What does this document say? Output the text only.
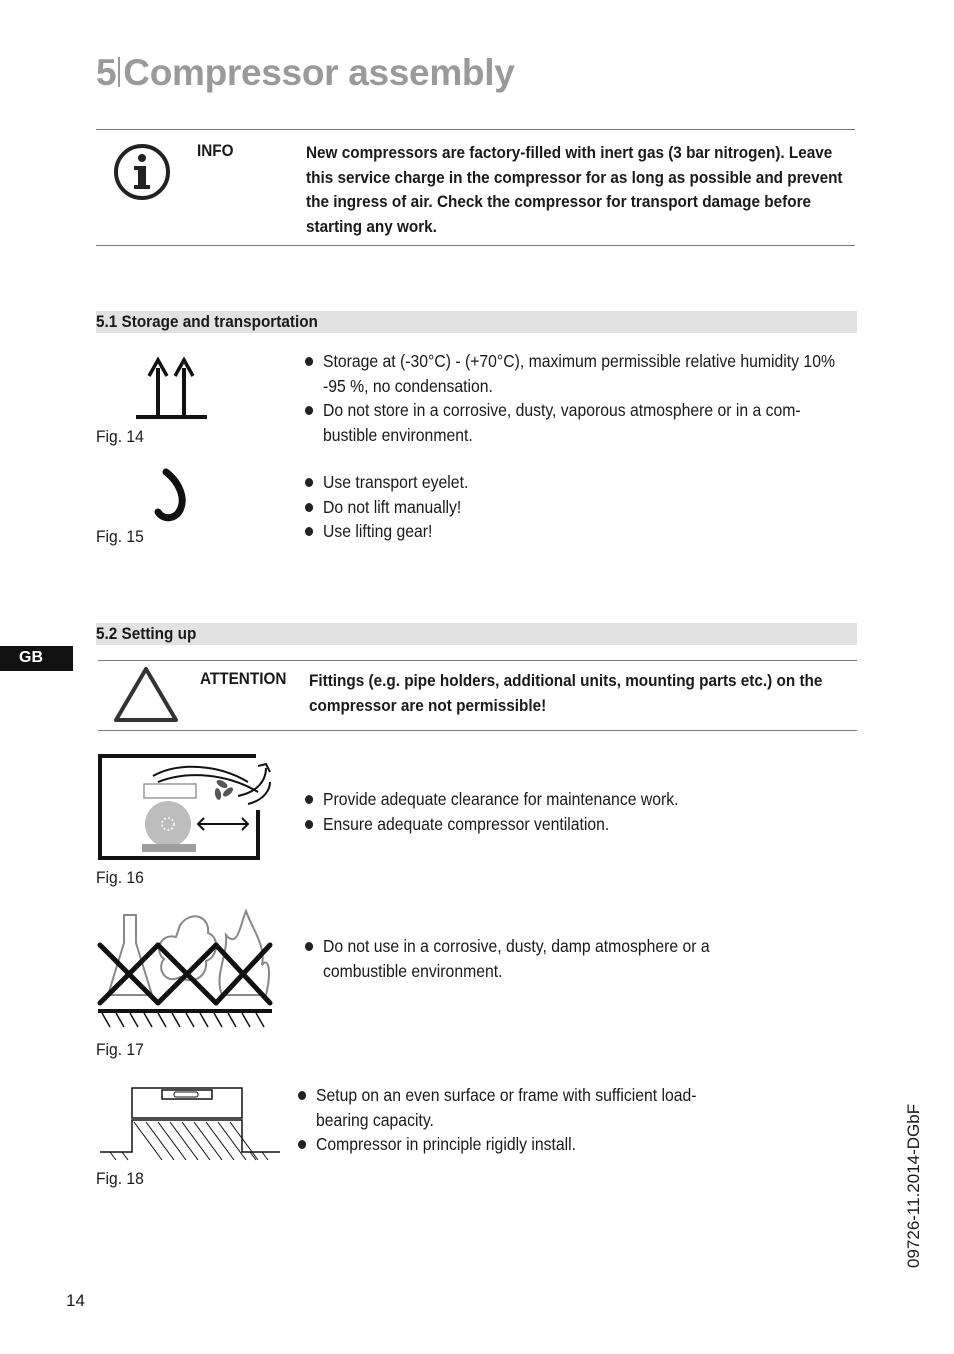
5 Compressor assembly
INFO	New compressors are factory-filled with inert gas (3 bar nitrogen). Leave this service charge in the compressor for as long as possible and prevent the ingress of air. Check the compressor for transport damage before starting any work.
5.1 Storage and transportation
Fig. 14
Storage at (-30°C) - (+70°C), maximum permissible relative humidity 10% -95 %, no condensation.
Do not store in a corrosive, dusty, vaporous atmosphere or in a com-bustible environment.
Fig. 15
Use transport eyelet.
Do not lift manually!
Use lifting gear!
GB
5.2 Setting up
ATTENTION Fittings (e.g. pipe holders, additional units, mounting parts etc.) on the compressor are not permissible!
Fig. 16
Provide adequate clearance for maintenance work.
Ensure adequate compressor ventilation.
Fig. 17
Do not use in a corrosive, dusty, damp atmosphere or a combustible environment.
Fig. 18
Setup on an even surface or frame with sufficient load-bearing capacity.
Compressor in principle rigidly install.	09726-11.2014-DGbF
14
